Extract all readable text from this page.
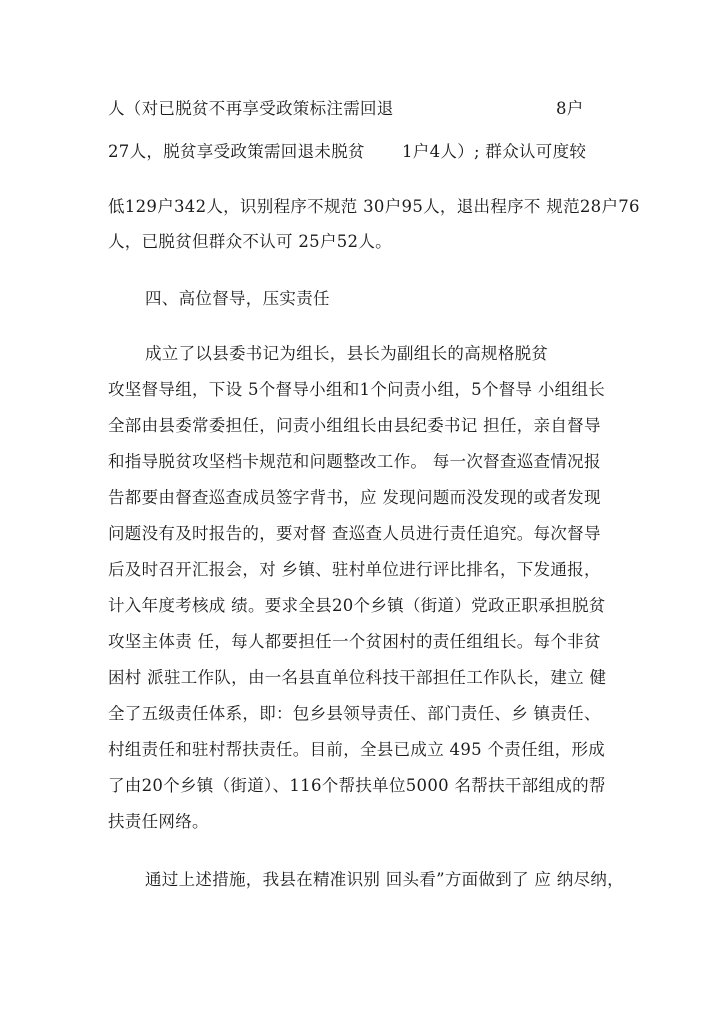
人（对已脱贫不再享受政策标注需回退	8户
27人，脱贫享受政策需回退未脱贫 1户4人）; 群众认可度较
低129户342人，识别程序不规范 30户95人，退出程序不 规范28户76
人，已脱贫但群众不认可 25户52人。
四、高位督导，压实责任
成立了以县委书记为组长，县长为副组长的高规格脱贫
攻坚督导组，下设 5个督导小组和1个问责小组，5个督导 小组组长
全部由县委常委担任，问责小组组长由县纪委书记 担任，亲自督导
和指导脱贫攻坚档卡规范和问题整改工作。 每一次督查巡查情况报
告都要由督查巡查成员签字背书，应 发现问题而没发现的或者发现
问题没有及时报告的，要对督 查巡查人员进行责任追究。每次督导
后及时召开汇报会，对 乡镇、驻村单位进行评比排名，下发通报，
计入年度考核成 绩。要求全县20个乡镇（街道）党政正职承担脱贫
攻坚主体责 任，每人都要担任一个贫困村的责任组组长。每个非贫
困村 派驻工作队，由一名县直单位科技干部担任工作队长，建立 健
全了五级责任体系，即：包乡县领导责任、部门责任、乡 镇责任、
村组责任和驻村帮扶责任。目前，全县已成立 495 个责任组，形成
了由20个乡镇（街道）、116个帮扶单位5000 名帮扶干部组成的帮
扶责任网络。
通过上述措施，我县在精准识别 回头看”方面做到了 应 纳尽纳，
